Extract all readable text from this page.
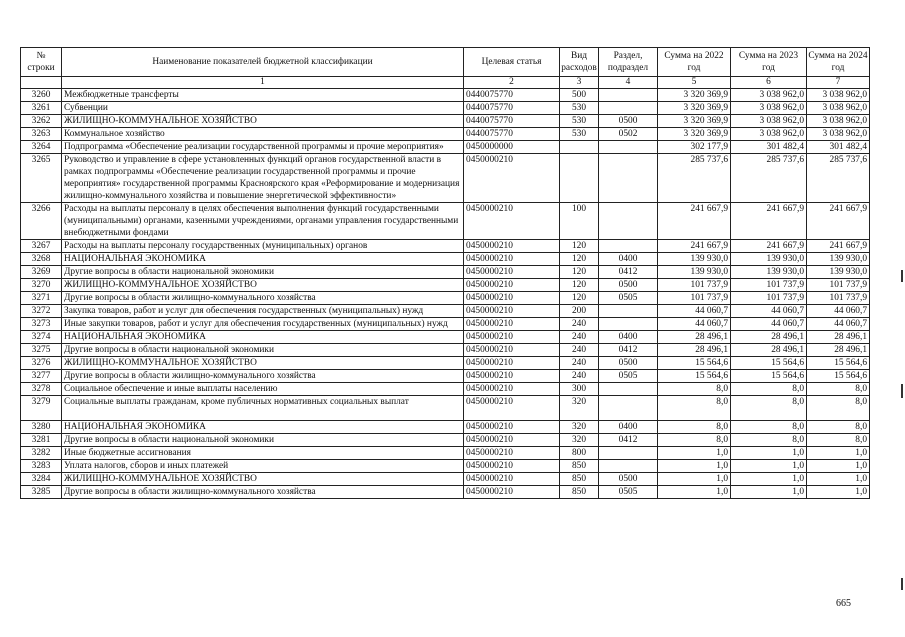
№ строки	Наименование показателей бюджетной классификации	Целевая статья	Вид расходов	Раздел, подраздел	Сумма на 2022 год	Сумма на 2023 год	Сумма на 2024 год
	1	2	3	4	5	6	7
3260	Межбюджетные трансферты	0440075770	500		3 320 369,9	3 038 962,0	3 038 962,0
3261	Субвенции	0440075770	530		3 320 369,9	3 038 962,0	3 038 962,0
3262	ЖИЛИЩНО-КОММУНАЛЬНОЕ ХОЗЯЙСТВО	0440075770	530	0500	3 320 369,9	3 038 962,0	3 038 962,0
3263	Коммунальное хозяйство	0440075770	530	0502	3 320 369,9	3 038 962,0	3 038 962,0
3264	Подпрограмма «Обеспечение реализации государственной программы и прочие мероприятия»	0450000000			302 177,9	301 482,4	301 482,4
3265	Руководство и управление в сфере установленных функций органов государственной власти в рамках подпрограммы «Обеспечение реализации государственной программы и прочие мероприятия» государственной программы Красноярского края «Реформирование и модернизация жилищно-коммунального хозяйства и повышение энергетической эффективности»	0450000210			285 737,6	285 737,6	285 737,6
3266	Расходы на выплаты персоналу в целях обеспечения выполнения функций государственными (муниципальными) органами, казенными учреждениями, органами управления государственными внебюджетными фондами	0450000210	100		241 667,9	241 667,9	241 667,9
3267	Расходы на выплаты персоналу государственных (муниципальных) органов	0450000210	120		241 667,9	241 667,9	241 667,9
3268	НАЦИОНАЛЬНАЯ ЭКОНОМИКА	0450000210	120	0400	139 930,0	139 930,0	139 930,0
3269	Другие вопросы в области национальной экономики	0450000210	120	0412	139 930,0	139 930,0	139 930,0
3270	ЖИЛИЩНО-КОММУНАЛЬНОЕ ХОЗЯЙСТВО	0450000210	120	0500	101 737,9	101 737,9	101 737,9
3271	Другие вопросы в области жилищно-коммунального хозяйства	0450000210	120	0505	101 737,9	101 737,9	101 737,9
3272	Закупка товаров, работ и услуг для обеспечения государственных (муниципальных) нужд	0450000210	200		44 060,7	44 060,7	44 060,7
3273	Иные закупки товаров, работ и услуг для обеспечения государственных (муниципальных) нужд	0450000210	240		44 060,7	44 060,7	44 060,7
3274	НАЦИОНАЛЬНАЯ ЭКОНОМИКА	0450000210	240	0400	28 496,1	28 496,1	28 496,1
3275	Другие вопросы в области национальной экономики	0450000210	240	0412	28 496,1	28 496,1	28 496,1
3276	ЖИЛИЩНО-КОММУНАЛЬНОЕ ХОЗЯЙСТВО	0450000210	240	0500	15 564,6	15 564,6	15 564,6
3277	Другие вопросы в области жилищно-коммунального хозяйства	0450000210	240	0505	15 564,6	15 564,6	15 564,6
3278	Социальное обеспечение и иные выплаты населению	0450000210	300		8,0	8,0	8,0
3279	Социальные выплаты гражданам, кроме публичных нормативных социальных выплат	0450000210	320		8,0	8,0	8,0
3280	НАЦИОНАЛЬНАЯ ЭКОНОМИКА	0450000210	320	0400	8,0	8,0	8,0
3281	Другие вопросы в области национальной экономики	0450000210	320	0412	8,0	8,0	8,0
3282	Иные бюджетные ассигнования	0450000210	800		1,0	1,0	1,0
3283	Уплата налогов, сборов и иных платежей	0450000210	850		1,0	1,0	1,0
3284	ЖИЛИЩНО-КОММУНАЛЬНОЕ ХОЗЯЙСТВО	0450000210	850	0500	1,0	1,0	1,0
3285	Другие вопросы в области жилищно-коммунального хозяйства	0450000210	850	0505	1,0	1,0	1,0
665
